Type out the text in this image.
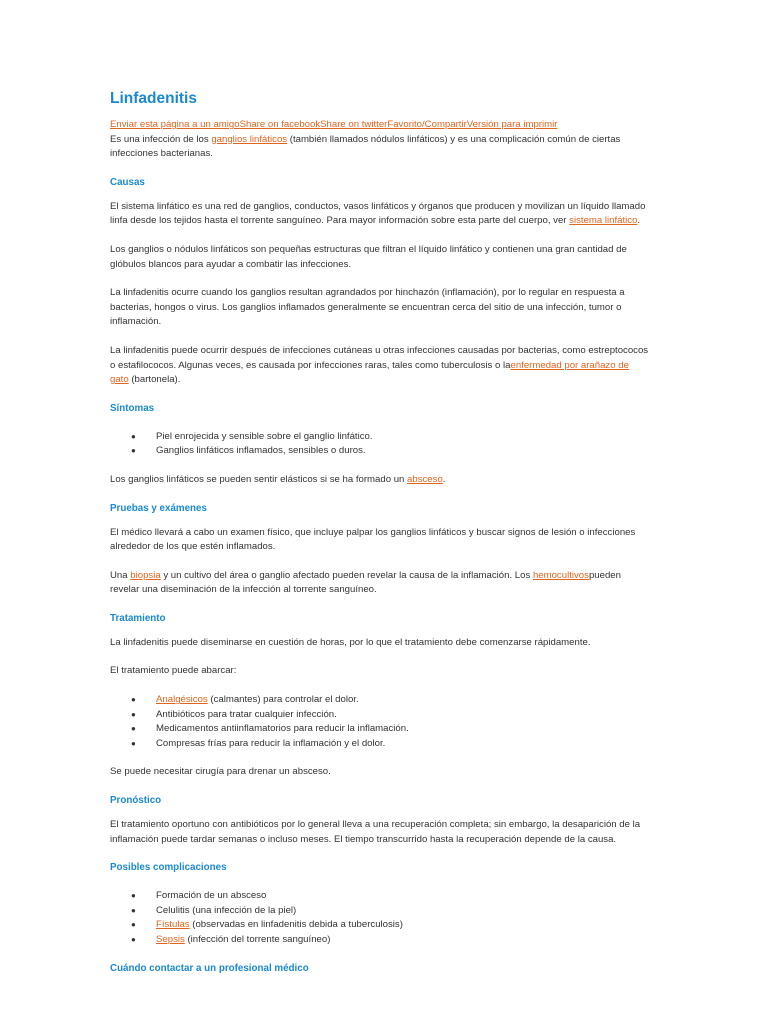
Linfadenitis

Enviar esta página a un amigoShare on facebookShare on twitterFavorito/CompartirVersión para imprimir

Es una infección de los ganglios linfáticos (también llamados nódulos linfáticos) y es una complicación común de ciertas infecciones bacterianas.

Causas

El sistema linfático es una red de ganglios, conductos, vasos linfáticos y órganos que producen y movilizan un líquido llamado linfa desde los tejidos hasta el torrente sanguíneo. Para mayor información sobre esta parte del cuerpo, ver sistema linfático.

Los ganglios o nódulos linfáticos son pequeñas estructuras que filtran el líquido linfático y contienen una gran cantidad de glóbulos blancos para ayudar a combatir las infecciones.

La linfadenitis ocurre cuando los ganglios resultan agrandados por hinchazón (inflamación), por lo regular en respuesta a bacterias, hongos o virus. Los ganglios inflamados generalmente se encuentran cerca del sitio de una infección, tumor o inflamación.

La linfadenitis puede ocurrir después de infecciones cutáneas u otras infecciones causadas por bacterias, como estreptococos o estafilococos. Algunas veces, es causada por infecciones raras, tales como tuberculosis o laenfermedad por arañazo de gato (bartonela).

Síntomas
● Piel enrojecida y sensible sobre el ganglio linfático.
● Ganglios linfáticos inflamados, sensibles o duros.

Los ganglios linfáticos se pueden sentir elásticos si se ha formado un absceso.

Pruebas y exámenes

El médico llevará a cabo un examen físico, que incluye palpar los ganglios linfáticos y buscar signos de lesión o infecciones alrededor de los que estén inflamados.

Una biopsia y un cultivo del área o ganglio afectado pueden revelar la causa de la inflamación. Los hemocultivospueden revelar una diseminación de la infección al torrente sanguíneo.

Tratamiento

La linfadenitis puede diseminarse en cuestión de horas, por lo que el tratamiento debe comenzarse rápidamente.

El tratamiento puede abarcar:

● Analgésicos (calmantes) para controlar el dolor.
● Antibióticos para tratar cualquier infección.
● Medicamentos antiinflamatorios para reducir la inflamación.
● Compresas frías para reducir la inflamación y el dolor.

Se puede necesitar cirugía para drenar un absceso.

Pronóstico

El tratamiento oportuno con antibióticos por lo general lleva a una recuperación completa; sin embargo, la desaparición de la inflamación puede tardar semanas o incluso meses. El tiempo transcurrido hasta la recuperación depende de la causa.

Posibles complicaciones
● Formación de un absceso
● Celulitis (una infección de la piel)
● Fístulas (observadas en linfadenitis debida a tuberculosis)
● Sepsis (infección del torrente sanguíneo)
Cuándo contactar a un profesional médico
